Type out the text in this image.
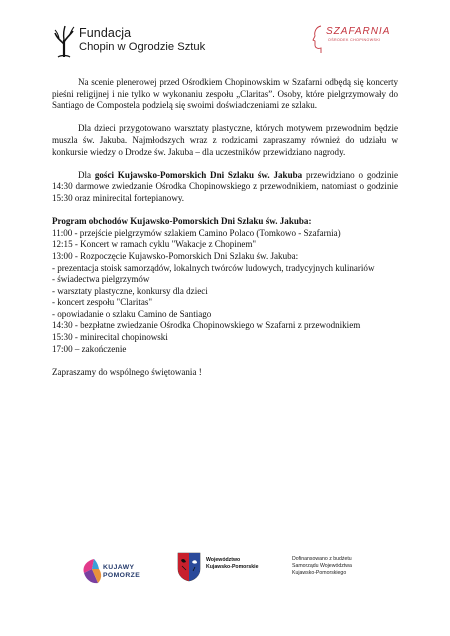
Fundacja
Chopin w Ogrodzie Sztuk
SZAFARNIA
OŚRODEK CHOPINOWSKI

Na scenie plenerowej przed Ośrodkiem Chopinowskim w Szafarni odbędą się koncerty pieśni religijnej i nie tylko w wykonaniu zespołu „Claritas”. Osoby, które pielgrzymowały do Santiago de Compostela podzielą się swoimi doświadczeniami ze szlaku.

Dla dzieci przygotowano warsztaty plastyczne, których motywem przewodnim będzie muszla św. Jakuba. Najmłodszych wraz z rodzicami zapraszamy również do udziału w konkursie wiedzy o Drodze św. Jakuba – dla uczestników przewidziano nagrody.

Dla gości Kujawsko-Pomorskich Dni Szlaku św. Jakuba przewidziano o godzinie 14:30 darmowe zwiedzanie Ośrodka Chopinowskiego z przewodnikiem, natomiast o godzinie 15:30 oraz minirecital fortepianowy.

Program obchodów Kujawsko-Pomorskich Dni Szlaku św. Jakuba:

11:00 - przejście pielgrzymów szlakiem Camino Polaco (Tomkowo - Szafarnia)
12:15 - Koncert w ramach cyklu "Wakacje z Chopinem"
13:00 - Rozpoczęcie Kujawsko-Pomorskich Dni Szlaku św. Jakuba:
- prezentacja stoisk samorządów, lokalnych twórców ludowych, tradycyjnych kulinariów
- świadectwa pielgrzymów
- warsztaty plastyczne, konkursy dla dzieci
- koncert zespołu "Claritas"
- opowiadanie o szlaku Camino de Santiago
14:30 - bezpłatne zwiedzanie Ośrodka Chopinowskiego w Szafarni z przewodnikiem
15:30 - minirecital chopinowski
17:00 – zakończenie

Zapraszamy do wspólnego świętowania !

KUJAWY
POMORZE
Województwo
Kujawsko-Pomorskie
Dofinansowano z budżetu
Samorządu Województwa
Kujawsko-Pomorskiego
